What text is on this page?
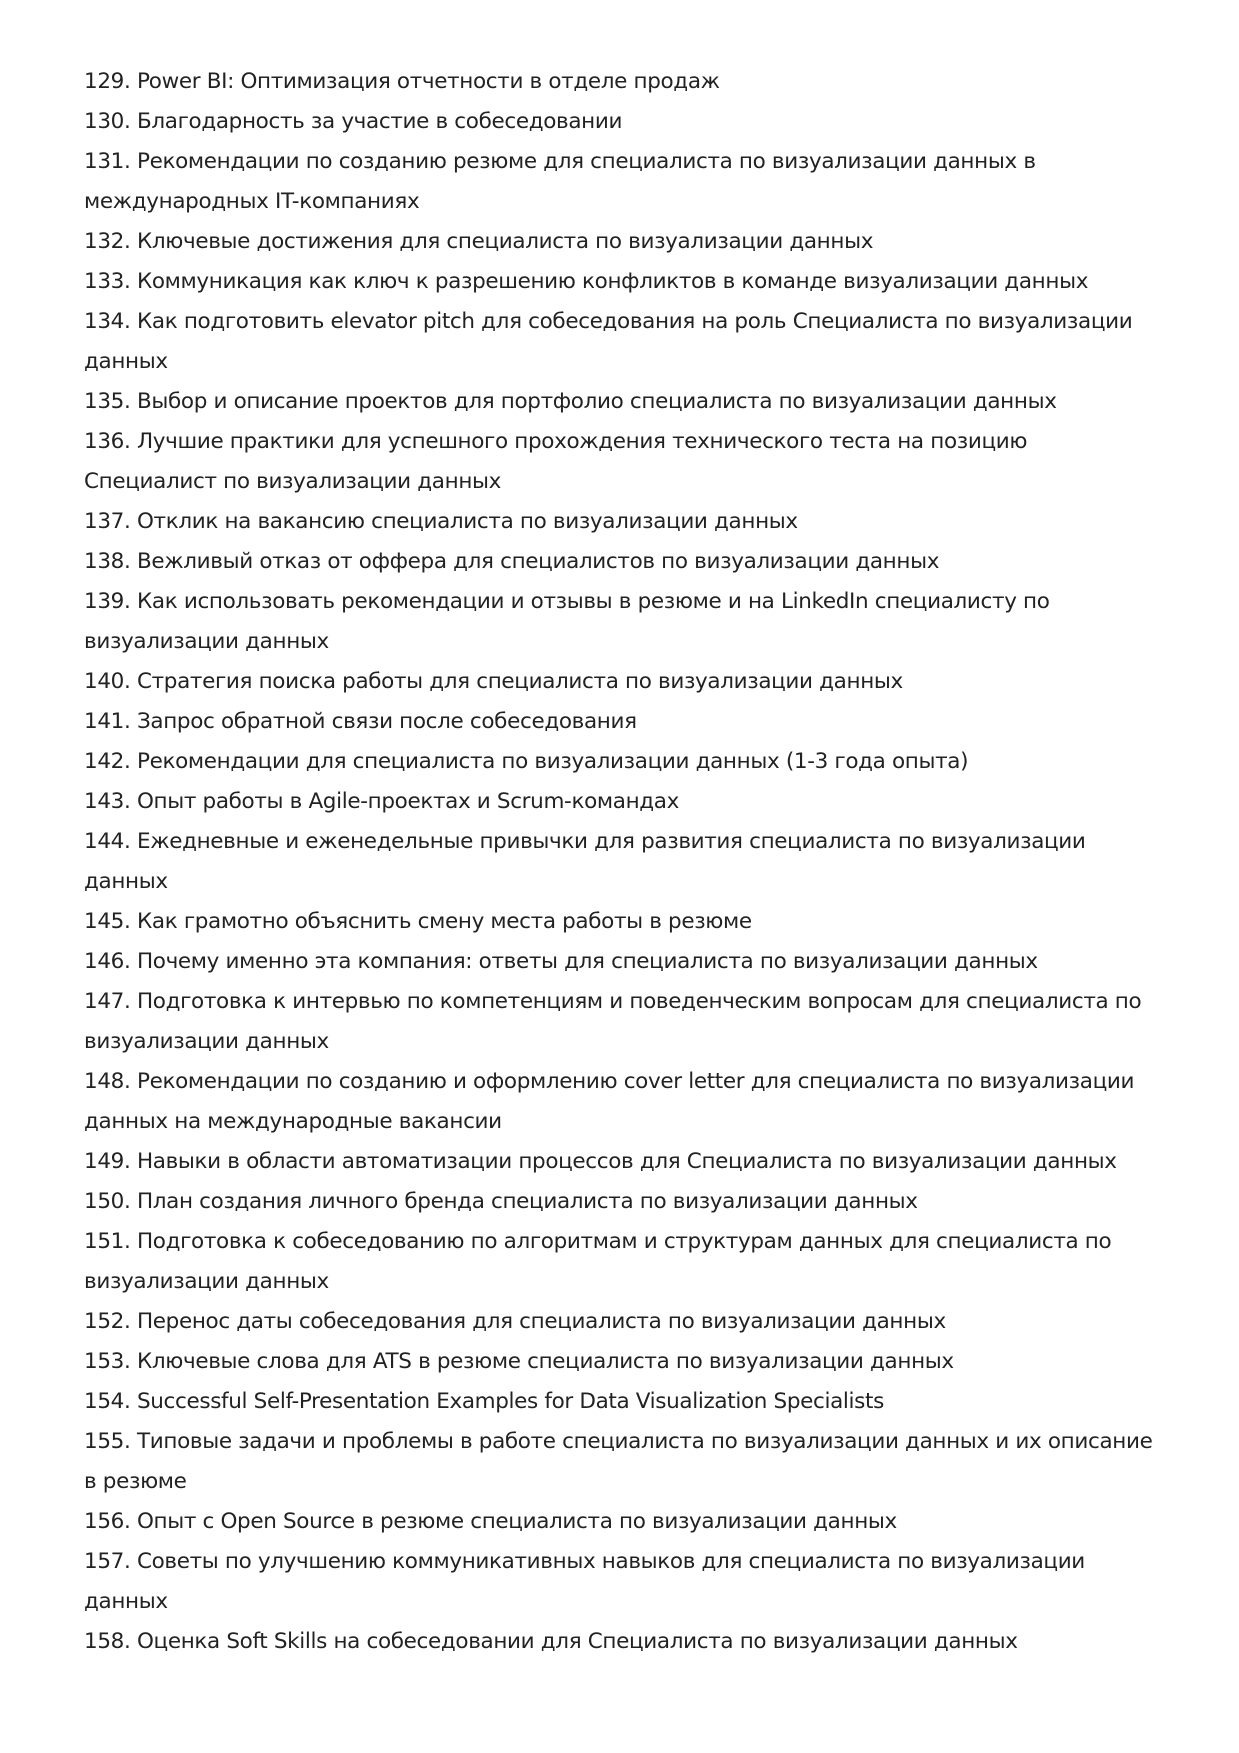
129. Power BI: Оптимизация отчетности в отделе продаж
130. Благодарность за участие в собеседовании
131. Рекомендации по созданию резюме для специалиста по визуализации данных в международных IT-компаниях
132. Ключевые достижения для специалиста по визуализации данных
133. Коммуникация как ключ к разрешению конфликтов в команде визуализации данных
134. Как подготовить elevator pitch для собеседования на роль Специалиста по визуализации данных
135. Выбор и описание проектов для портфолио специалиста по визуализации данных
136. Лучшие практики для успешного прохождения технического теста на позицию Специалист по визуализации данных
137. Отклик на вакансию специалиста по визуализации данных
138. Вежливый отказ от оффера для специалистов по визуализации данных
139. Как использовать рекомендации и отзывы в резюме и на LinkedIn специалисту по визуализации данных
140. Стратегия поиска работы для специалиста по визуализации данных
141. Запрос обратной связи после собеседования
142. Рекомендации для специалиста по визуализации данных (1-3 года опыта)
143. Опыт работы в Agile-проектах и Scrum-командах
144. Ежедневные и еженедельные привычки для развития специалиста по визуализации данных
145. Как грамотно объяснить смену места работы в резюме
146. Почему именно эта компания: ответы для специалиста по визуализации данных
147. Подготовка к интервью по компетенциям и поведенческим вопросам для специалиста по визуализации данных
148. Рекомендации по созданию и оформлению cover letter для специалиста по визуализации данных на международные вакансии
149. Навыки в области автоматизации процессов для Специалиста по визуализации данных
150. План создания личного бренда специалиста по визуализации данных
151. Подготовка к собеседованию по алгоритмам и структурам данных для специалиста по визуализации данных
152. Перенос даты собеседования для специалиста по визуализации данных
153. Ключевые слова для ATS в резюме специалиста по визуализации данных
154. Successful Self-Presentation Examples for Data Visualization Specialists
155. Типовые задачи и проблемы в работе специалиста по визуализации данных и их описание в резюме
156. Опыт с Open Source в резюме специалиста по визуализации данных
157. Советы по улучшению коммуникативных навыков для специалиста по визуализации данных
158. Оценка Soft Skills на собеседовании для Специалиста по визуализации данных
